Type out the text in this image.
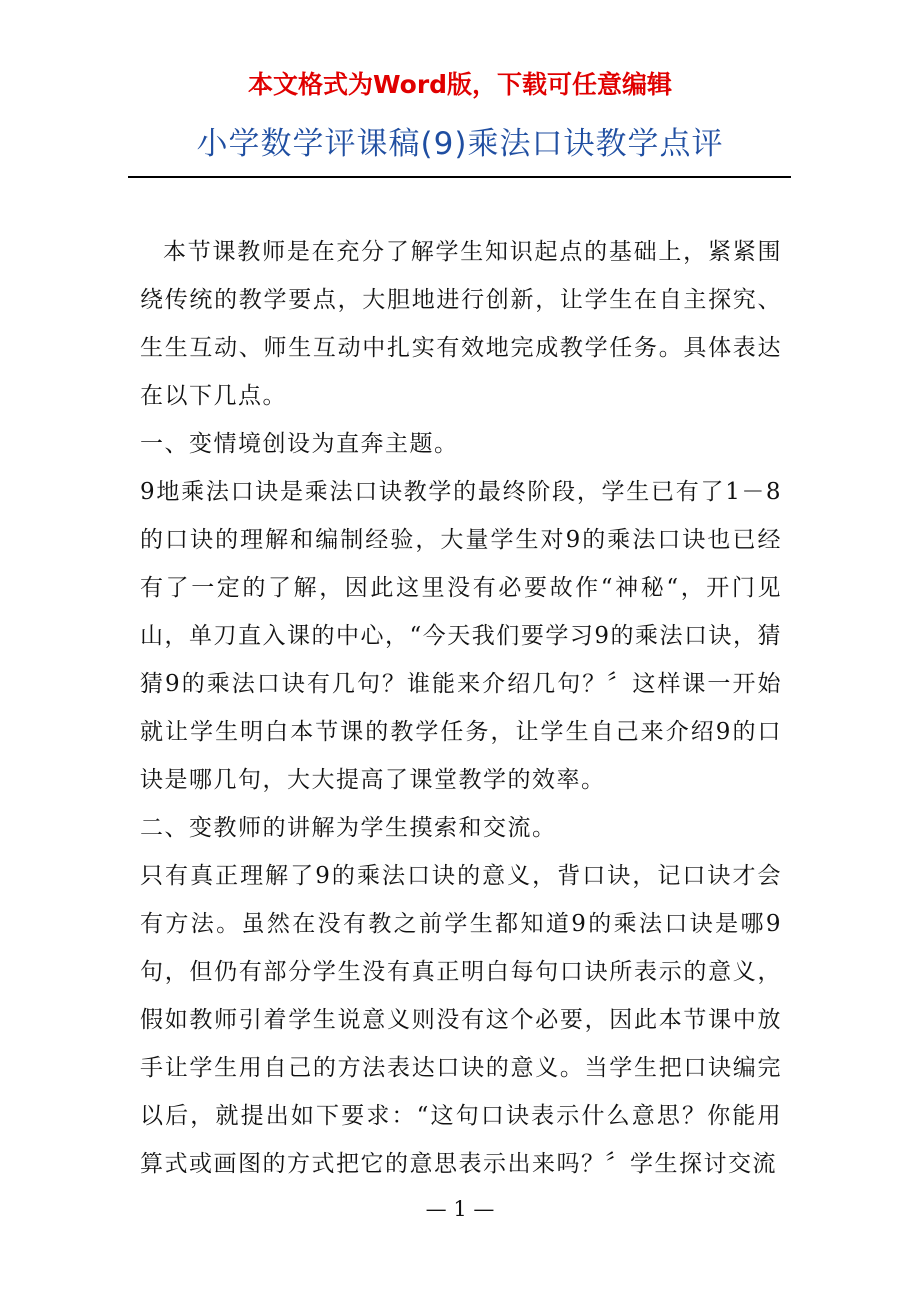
本文格式为Word版，下载可任意编辑
小学数学评课稿(9)乘法口诀教学点评

本节课教师是在充分了解学生知识起点的基础上，紧紧围绕传统的教学要点，大胆地进行创新，让学生在自主探究、生生互动、师生互动中扎实有效地完成教学任务。具体表达在以下几点。

一、变情境创设为直奔主题。

9地乘法口诀是乘法口诀教学的最终阶段，学生已有了1－8的口诀的理解和编制经验，大量学生对9的乘法口诀也已经有了一定的了解，因此这里没有必要故作“神秘“，开门见山，单刀直入课的中心，“今天我们要学习9的乘法口诀，猜猜9的乘法口诀有几句？谁能来介绍几句？〞这样课一开始就让学生明白本节课的教学任务，让学生自己来介绍9的口诀是哪几句，大大提高了课堂教学的效率。

二、变教师的讲解为学生摸索和交流。

只有真正理解了9的乘法口诀的意义，背口诀，记口诀才会有方法。虽然在没有教之前学生都知道9的乘法口诀是哪9句，但仍有部分学生没有真正明白每句口诀所表示的意义，假如教师引着学生说意义则没有这个必要，因此本节课中放手让学生用自己的方法表达口诀的意义。当学生把口诀编完以后，就提出如下要求：“这句口诀表示什么意思？你能用算式或画图的方式把它的意思表示出来吗？〞学生探讨交流

— 1 —
